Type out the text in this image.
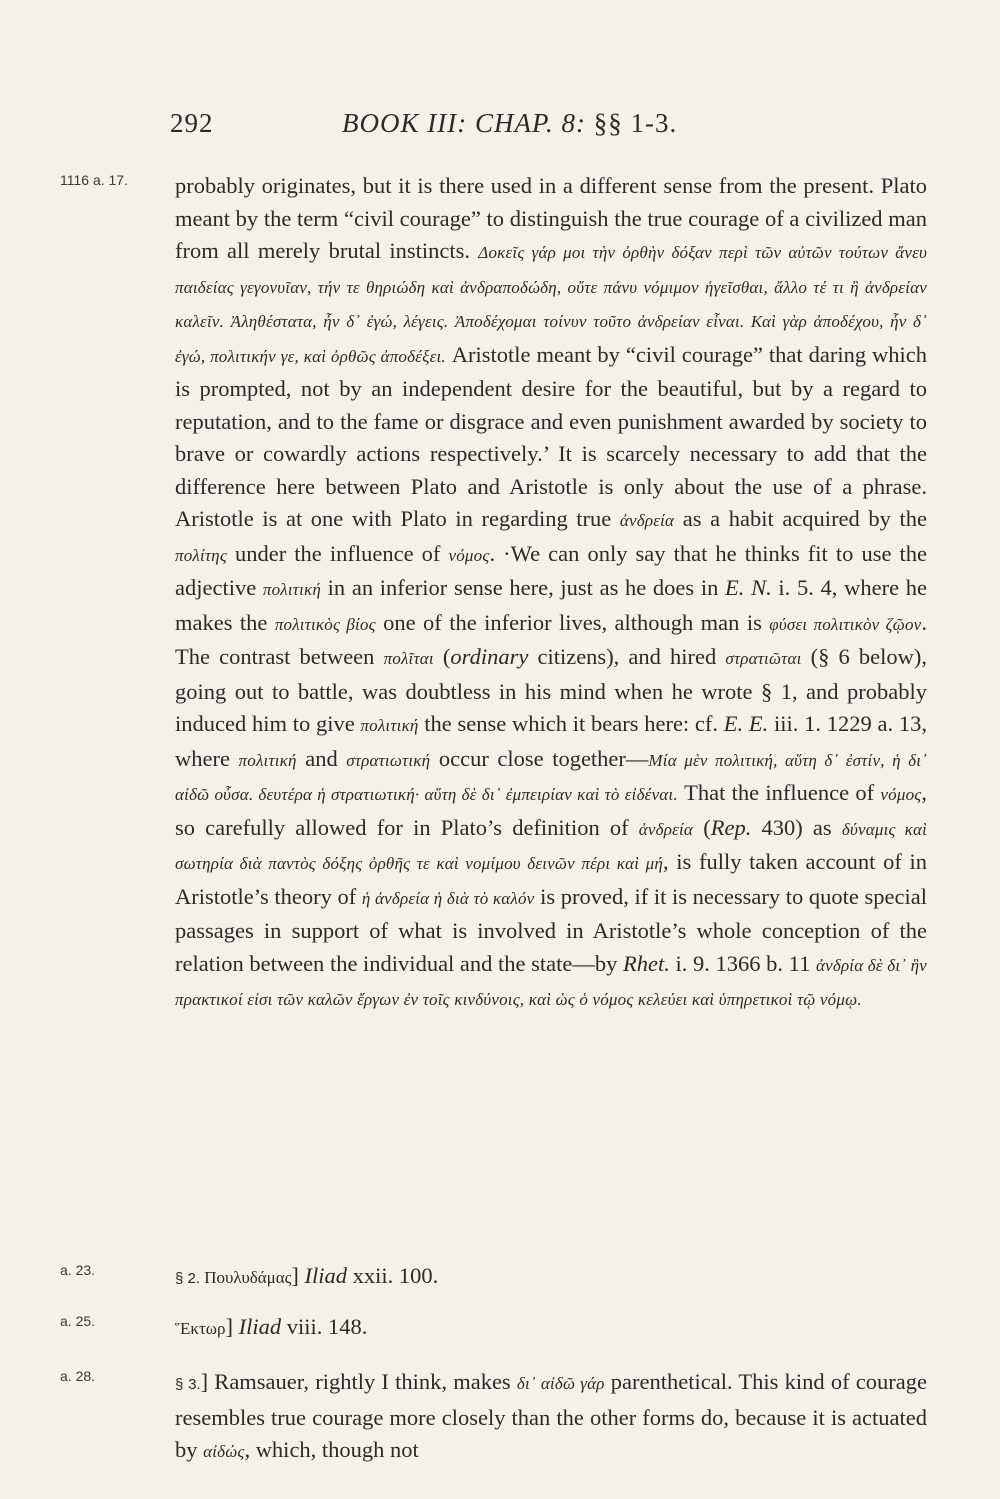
292	BOOK III: CHAP. 8: §§ 1-3.
1116 a. 17.	probably originates, but it is there used in a different sense from the present. Plato meant by the term “civil courage” to distinguish the true courage of a civilized man from all merely brutal instincts. Δοκεῖς γάρ μοι τὴν ὀρθὴν δόξαν περὶ τῶν αὐτῶν τούτων ἄνευ παιδείας γεγονυῖαν, τήν τε θηριώδη καὶ ἀνδραποδώδη, οὔτε πάνυ νόμιμον ἡγεῖσθαι, ἄλλο τέ τι ἢ ἀνδρείαν καλεῖν. Ἀληθέστατα, ἦν δ᾽ ἐγώ, λέγεις. Ἀποδέχομαι τοίνυν τοῦτο ἀνδρείαν εἶναι. Καὶ γὰρ ἀποδέχου, ἦν δ᾽ ἐγώ, πολιτικήν γε, καὶ ὀρθῶς ἀποδέξει. Aristotle meant by “civil courage” that daring which is prompted, not by an independent desire for the beautiful, but by a regard to reputation, and to the fame or disgrace and even punishment awarded by society to brave or cowardly actions respectively.’ It is scarcely necessary to add that the difference here between Plato and Aristotle is only about the use of a phrase. Aristotle is at one with Plato in regarding true ἀνδρεία as a habit acquired by the πολίτης under the influence of νόμος. ·We can only say that he thinks fit to use the adjective πολιτική in an inferior sense here, just as he does in E. N. i. 5. 4, where he makes the πολιτικὸς βίος one of the inferior lives, although man is φύσει πολιτικὸν ζῷον. The contrast between πολῖται (ordinary citizens), and hired στρατιῶται (§ 6 below), going out to battle, was doubtless in his mind when he wrote § 1, and probably induced him to give πολιτική the sense which it bears here: cf. E. E. iii. 1. 1229 a. 13, where πολιτική and στρατιωτική occur close together—Μία μὲν πολιτική, αὕτη δ᾽ ἐστίν, ἡ δι᾽ αἰδῶ οὖσα. δευτέρα ἡ στρατιωτική· αὕτη δὲ δι᾽ ἐμπειρίαν καὶ τὸ εἰδέναι. That the influence of νόμος, so carefully allowed for in Plato’s definition of ἀνδρεία (Rep. 430) as δύναμις καὶ σωτηρία διὰ παντὸς δόξης ὀρθῆς τε καὶ νομίμου δεινῶν πέρι καὶ μή, is fully taken account of in Aristotle’s theory of ἡ ἀνδρεία ἡ διὰ τὸ καλόν is proved, if it is necessary to quote special passages in support of what is involved in Aristotle’s whole conception of the relation between the individual and the state—by Rhet. i. 9. 1366 b. 11 ἀνδρία δὲ δι᾽ ἣν πρακτικοί εἰσι τῶν καλῶν ἔργων ἐν τοῖς κινδύνοις, καὶ ὡς ὁ νόμος κελεύει καὶ ὑπηρετικοὶ τῷ νόμῳ.
a. 23.	§ 2. Πουλυδάμας] Iliad xxii. 100.
a. 25.	Ἕκτωρ] Iliad viii. 148.
a. 28.	§ 3.] Ramsauer, rightly I think, makes δι᾽ αἰδῶ γάρ parenthetical. This kind of courage resembles true courage more closely than the other forms do, because it is actuated by αἰδώς, which, though not
